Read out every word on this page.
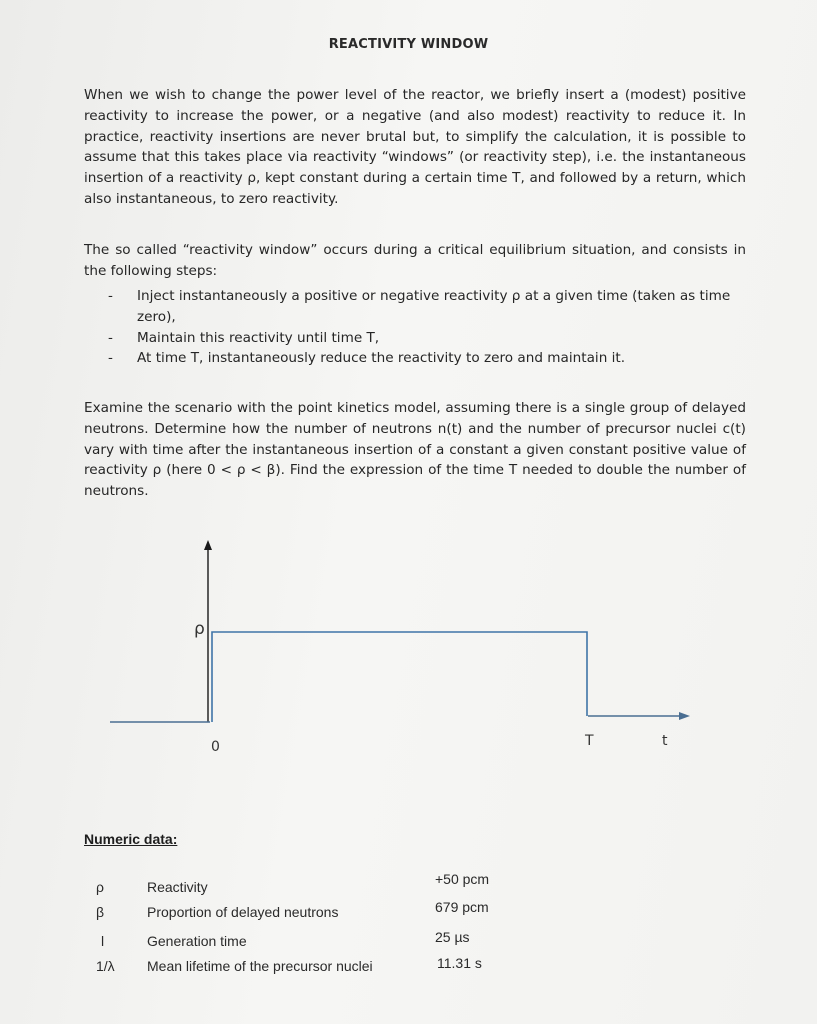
REACTIVITY WINDOW
When we wish to change the power level of the reactor, we briefly insert a (modest) positive reactivity to increase the power, or a negative (and also modest) reactivity to reduce it. In practice, reactivity insertions are never brutal but, to simplify the calculation, it is possible to assume that this takes place via reactivity “windows” (or reactivity step), i.e. the instantaneous insertion of a reactivity ρ, kept constant during a certain time T, and followed by a return, which also instantaneous, to zero reactivity.
The so called “reactivity window” occurs during a critical equilibrium situation, and consists in the following steps:
- Inject instantaneously a positive or negative reactivity ρ at a given time (taken as time zero),
- Maintain this reactivity until time T,
- At time T, instantaneously reduce the reactivity to zero and maintain it.
Examine the scenario with the point kinetics model, assuming there is a single group of delayed neutrons. Determine how the number of neutrons n(t) and the number of precursor nuclei c(t) vary with time after the instantaneous insertion of a constant a given constant positive value of reactivity ρ (here 0 < ρ < β). Find the expression of the time T needed to double the number of neutrons.
ρ
0	T	t
Numeric data:
ρ	Reactivity	+50 pcm
β	Proportion of delayed neutrons	679 pcm
l	Generation time	25 µs
1/λ Mean lifetime of the precursor nuclei	11.31 s
